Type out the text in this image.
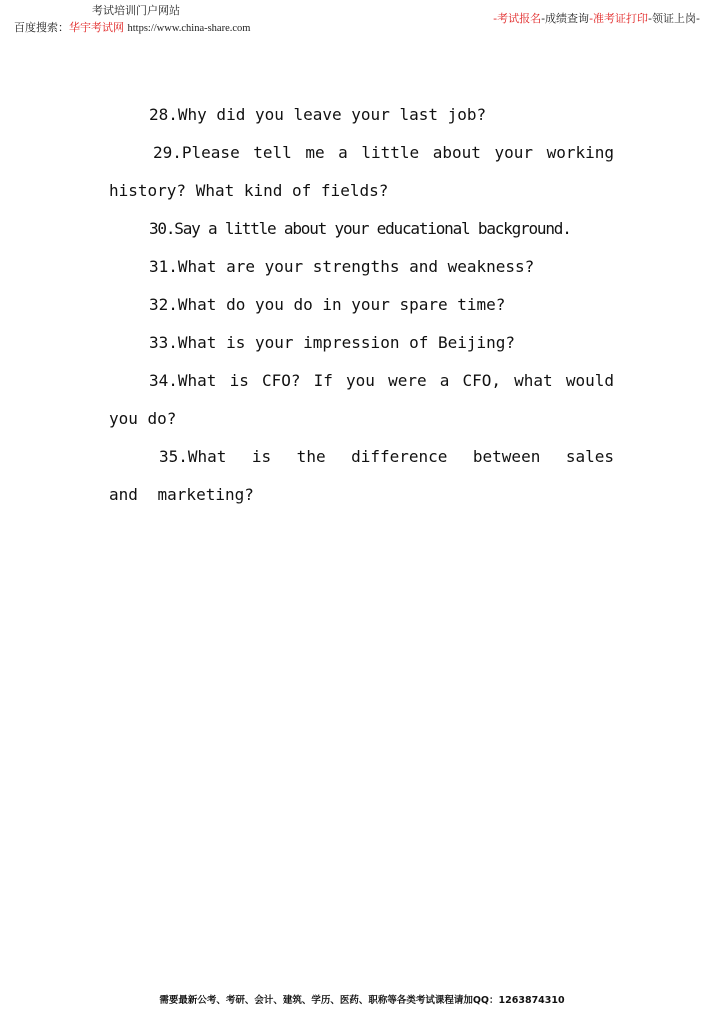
考试培训门户网站
百度搜索：华宇考试网 https://www.china-share.com
-考试报名-成绩查询-准考证打印-领证上岗-

28.Why did you leave your last job?

29.Please tell me a little about your working history? What kind of fields?

30.Say a little about your educational background.

31.What are your strengths and weakness?

32.What do you do in your spare time?

33.What is your impression of Beijing?

34.What is CFO? If you were a CFO, what would you do?

35.What is the difference between sales and marketing?

需要最新公考、考研、会计、建筑、学历、医药、职称等各类考试课程请加QQ：1263874310
